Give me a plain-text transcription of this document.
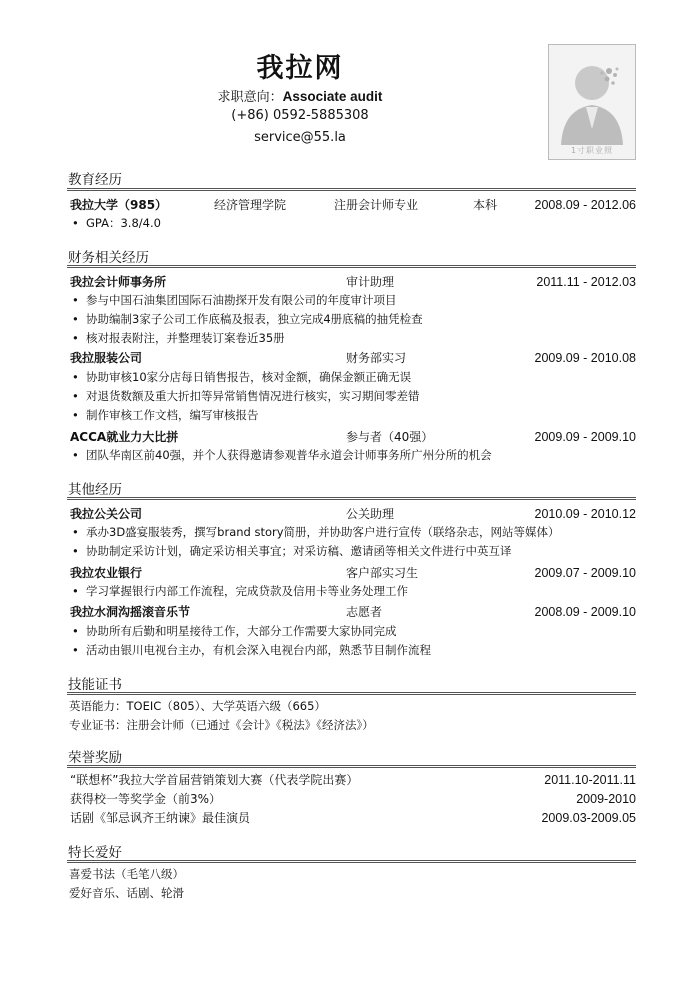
我拉网
求职意向：Associate audit
(+86) 0592-5885308
service@55.la
1寸职业照
教育经历
我拉大学（985）	经济管理学院	注册会计师专业	本科	2008.09 - 2012.06
• GPA：3.8/4.0
财务相关经历
我拉会计师事务所	审计助理	2011.11 - 2012.03
• 参与中国石油集团国际石油勘探开发有限公司的年度审计项目
• 协助编制3家子公司工作底稿及报表，独立完成4册底稿的抽凭检查
• 核对报表附注，并整理装订案卷近35册
我拉服装公司	财务部实习	2009.09 - 2010.08
• 协助审核10家分店每日销售报告，核对金额，确保金额正确无误
• 对退货数额及重大折扣等异常销售情况进行核实，实习期间零差错
• 制作审核工作文档，编写审核报告
ACCA就业力大比拼	参与者（40强）	2009.09 - 2009.10
• 团队华南区前40强，并个人获得邀请参观普华永道会计师事务所广州分所的机会
其他经历
我拉公关公司	公关助理	2010.09 - 2010.12
• 承办3D盛宴服装秀，撰写brand story简册，并协助客户进行宣传（联络杂志，网站等媒体）
• 协助制定采访计划，确定采访相关事宜；对采访稿、邀请函等相关文件进行中英互译
我拉农业银行	客户部实习生	2009.07 - 2009.10
• 学习掌握银行内部工作流程，完成贷款及信用卡等业务处理工作
我拉水洞沟摇滚音乐节	志愿者	2008.09 - 2009.10
• 协助所有后勤和明星接待工作，大部分工作需要大家协同完成
• 活动由银川电视台主办，有机会深入电视台内部，熟悉节目制作流程
技能证书
英语能力：TOEIC（805）、大学英语六级（665）
专业证书：注册会计师（已通过《会计》《税法》《经济法》）
荣誉奖励
“联想杯”我拉大学首届营销策划大赛（代表学院出赛）	2011.10-2011.11
获得校一等奖学金（前3%）	2009-2010
话剧《邹忌讽齐王纳谏》最佳演员	2009.03-2009.05
特长爱好
喜爱书法（毛笔八级）
爱好音乐、话剧、轮滑
